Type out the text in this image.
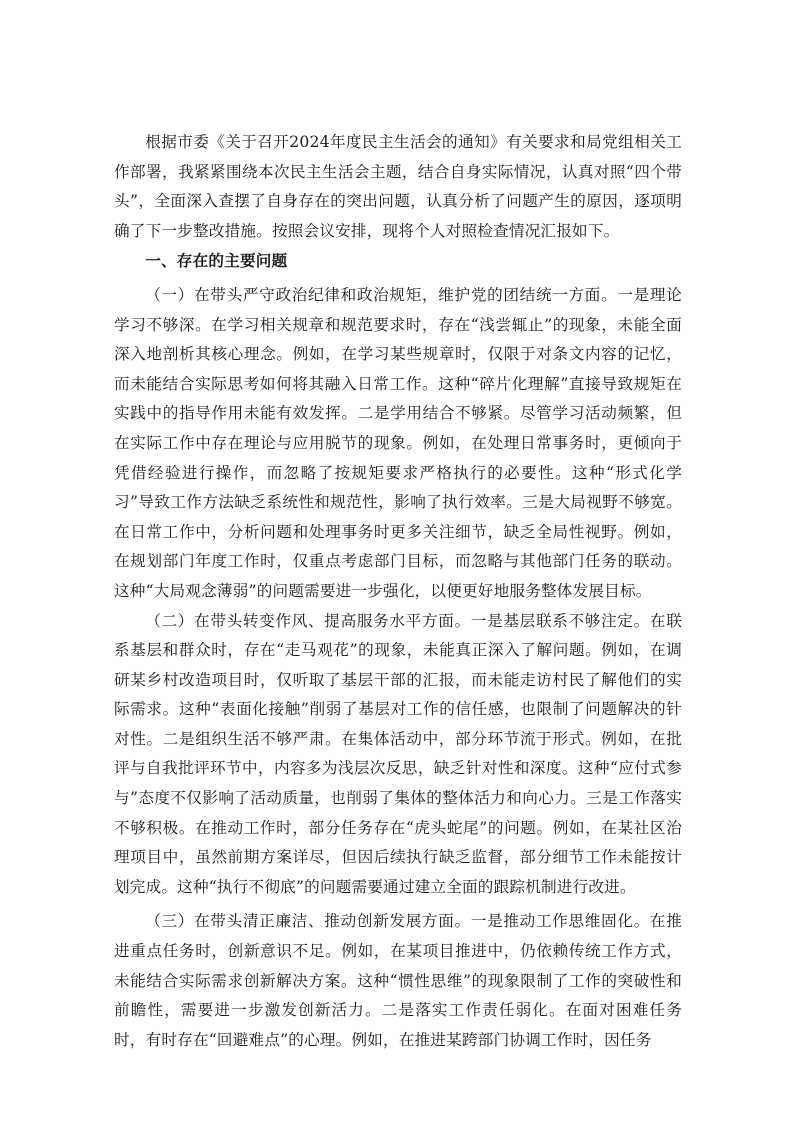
根据市委《关于召开2024年度民主生活会的通知》有关要求和局党组相关工作部署，我紧紧围绕本次民主生活会主题，结合自身实际情况，认真对照“四个带头”，全面深入查摆了自身存在的突出问题，认真分析了问题产生的原因，逐项明确了下一步整改措施。按照会议安排，现将个人对照检查情况汇报如下。

一、存在的主要问题

（一）在带头严守政治纪律和政治规矩，维护党的团结统一方面。一是理论学习不够深。在学习相关规章和规范要求时，存在“浅尝辄止”的现象，未能全面深入地剖析其核心理念。例如，在学习某些规章时，仅限于对条文内容的记忆，而未能结合实际思考如何将其融入日常工作。这种“碎片化理解”直接导致规矩在实践中的指导作用未能有效发挥。二是学用结合不够紧。尽管学习活动频繁，但在实际工作中存在理论与应用脱节的现象。例如，在处理日常事务时，更倾向于凭借经验进行操作，而忽略了按规矩要求严格执行的必要性。这种“形式化学习”导致工作方法缺乏系统性和规范性，影响了执行效率。三是大局视野不够宽。在日常工作中，分析问题和处理事务时更多关注细节，缺乏全局性视野。例如，在规划部门年度工作时，仅重点考虑部门目标，而忽略与其他部门任务的联动。这种“大局观念薄弱”的问题需要进一步强化，以便更好地服务整体发展目标。

（二）在带头转变作风、提高服务水平方面。一是基层联系不够注定。在联系基层和群众时，存在“走马观花”的现象，未能真正深入了解问题。例如，在调研某乡村改造项目时，仅听取了基层干部的汇报，而未能走访村民了解他们的实际需求。这种“表面化接触”削弱了基层对工作的信任感，也限制了问题解决的针对性。二是组织生活不够严肃。在集体活动中，部分环节流于形式。例如，在批评与自我批评环节中，内容多为浅层次反思，缺乏针对性和深度。这种“应付式参与”态度不仅影响了活动质量，也削弱了集体的整体活力和向心力。三是工作落实不够积极。在推动工作时，部分任务存在“虎头蛇尾”的问题。例如，在某社区治理项目中，虽然前期方案详尽，但因后续执行缺乏监督，部分细节工作未能按计划完成。这种“执行不彻底”的问题需要通过建立全面的跟踪机制进行改进。

（三）在带头清正廉洁、推动创新发展方面。一是推动工作思维固化。在推进重点任务时，创新意识不足。例如，在某项目推进中，仍依赖传统工作方式，未能结合实际需求创新解决方案。这种“惯性思维”的现象限制了工作的突破性和前瞻性，需要进一步激发创新活力。二是落实工作责任弱化。在面对困难任务时，有时存在“回避难点”的心理。例如，在推进某跨部门协调工作时，因任务
